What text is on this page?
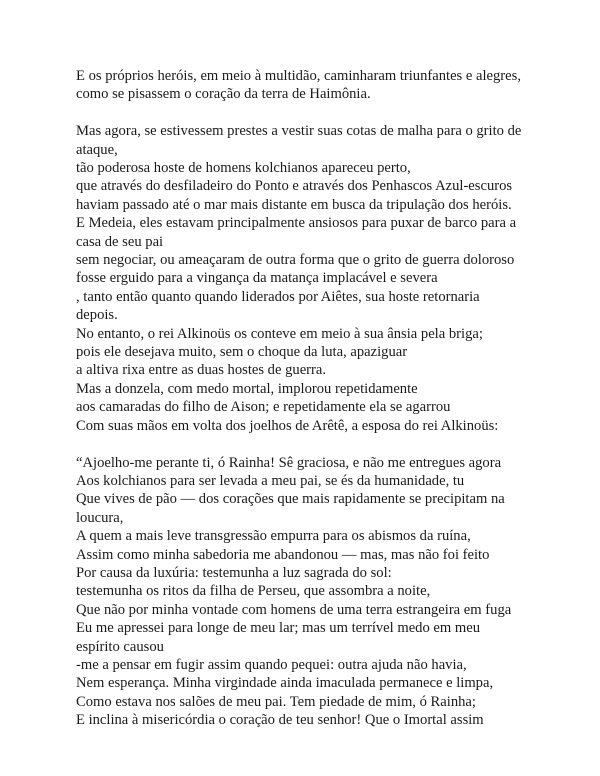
E os próprios heróis, em meio à multidão, caminharam triunfantes e alegres,
como se pisassem o coração da terra de Haimônia.

Mas agora, se estivessem prestes a vestir suas cotas de malha para o grito de
ataque,
tão poderosa hoste de homens kolchianos apareceu perto,
que através do desfiladeiro do Ponto e através dos Penhascos Azul-escuros
haviam passado até o mar mais distante em busca da tripulação dos heróis.
E Medeia, eles estavam principalmente ansiosos para puxar de barco para a
casa de seu pai
sem negociar, ou ameaçaram de outra forma que o grito de guerra doloroso
fosse erguido para a vingança da matança implacável e severa
, tanto então quanto quando liderados por Aiêtes, sua hoste retornaria
depois.
No entanto, o rei Alkinoüs os conteve em meio à sua ânsia pela briga;
pois ele desejava muito, sem o choque da luta, apaziguar
a altiva rixa entre as duas hostes de guerra.
Mas a donzela, com medo mortal, implorou repetidamente
aos camaradas do filho de Aison; e repetidamente ela se agarrou
Com suas mãos em volta dos joelhos de Arêtê, a esposa do rei Alkinoüs:

“Ajoelho-me perante ti, ó Rainha! Sê graciosa, e não me entregues agora
Aos kolchianos para ser levada a meu pai, se és da humanidade, tu
Que vives de pão — dos corações que mais rapidamente se precipitam na
loucura,
A quem a mais leve transgressão empurra para os abismos da ruína,
Assim como minha sabedoria me abandonou — mas, mas não foi feito
Por causa da luxúria: testemunha a luz sagrada do sol:
testemunha os ritos da filha de Perseu, que assombra a noite,
Que não por minha vontade com homens de uma terra estrangeira em fuga
Eu me apressei para longe de meu lar; mas um terrível medo em meu
espírito causou
-me a pensar em fugir assim quando pequei: outra ajuda não havia,
Nem esperança. Minha virgindade ainda imaculada permanece e limpa,
Como estava nos salões de meu pai. Tem piedade de mim, ó Rainha;
E inclina à misericórdia o coração de teu senhor! Que o Imortal assim
